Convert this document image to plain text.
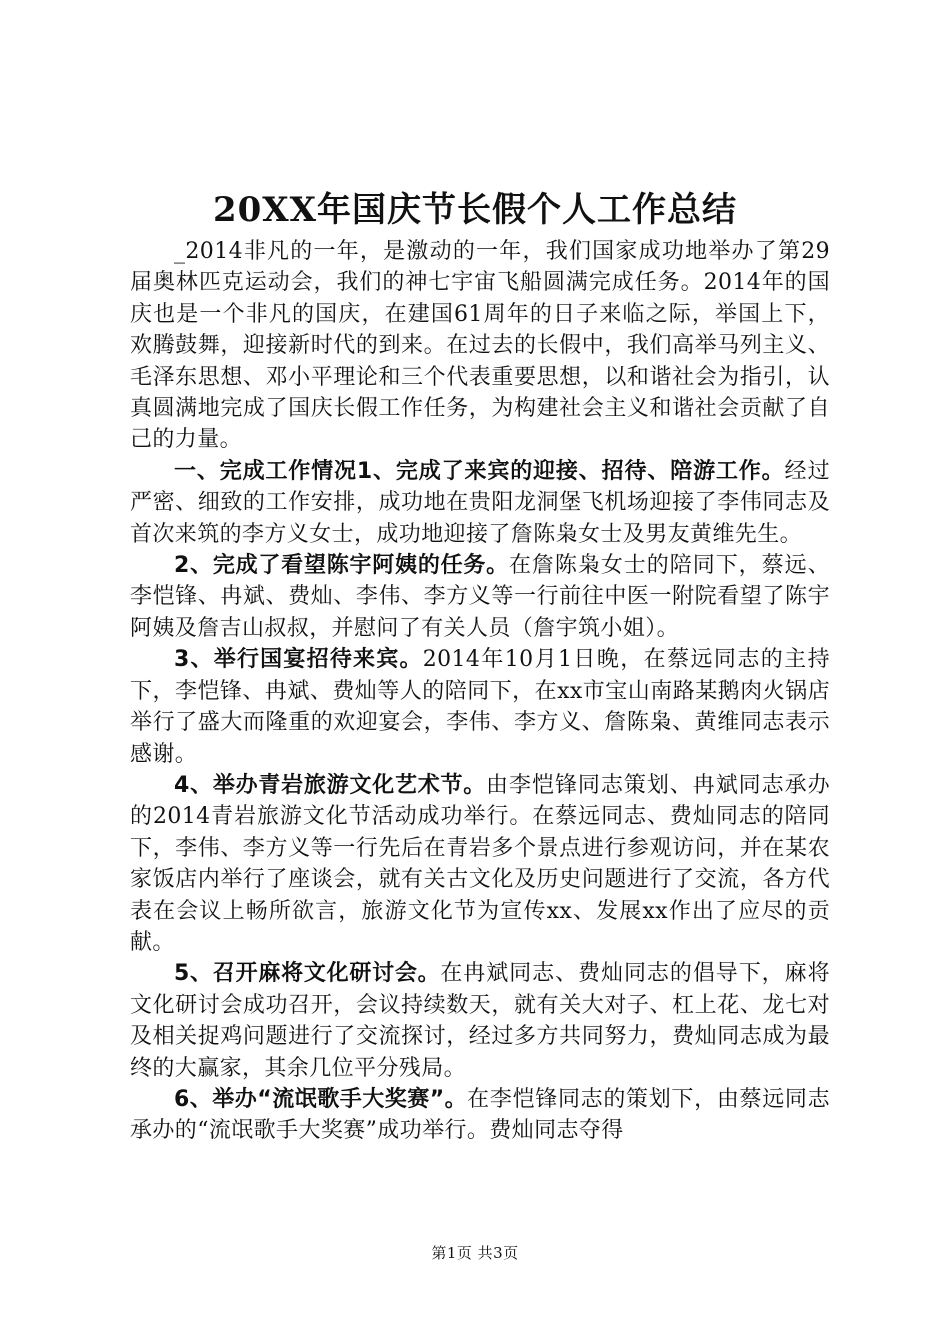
20XX年国庆节长假个人工作总结

_2014非凡的一年，是激动的一年，我们国家成功地举办了第29届奥林匹克运动会，我们的神七宇宙飞船圆满完成任务。2014年的国庆也是一个非凡的国庆，在建国61周年的日子来临之际，举国上下，欢腾鼓舞，迎接新时代的到来。在过去的长假中，我们高举马列主义、毛泽东思想、邓小平理论和三个代表重要思想，以和谐社会为指引，认真圆满地完成了国庆长假工作任务，为构建社会主义和谐社会贡献了自己的力量。

一、完成工作情况1、完成了来宾的迎接、招待、陪游工作。经过严密、细致的工作安排，成功地在贵阳龙洞堡飞机场迎接了李伟同志及首次来筑的李方义女士，成功地迎接了詹陈枭女士及男友黄维先生。

2、完成了看望陈宇阿姨的任务。在詹陈枭女士的陪同下，蔡远、李恺锋、冉斌、费灿、李伟、李方义等一行前往中医一附院看望了陈宇阿姨及詹吉山叔叔，并慰问了有关人员（詹宇筑小姐）。

3、举行国宴招待来宾。2014年10月1日晚，在蔡远同志的主持下，李恺锋、冉斌、费灿等人的陪同下，在xx市宝山南路某鹅肉火锅店举行了盛大而隆重的欢迎宴会，李伟、李方义、詹陈枭、黄维同志表示感谢。

4、举办青岩旅游文化艺术节。由李恺锋同志策划、冉斌同志承办的2014青岩旅游文化节活动成功举行。在蔡远同志、费灿同志的陪同下，李伟、李方义等一行先后在青岩多个景点进行参观访问，并在某农家饭店内举行了座谈会，就有关古文化及历史问题进行了交流，各方代表在会议上畅所欲言，旅游文化节为宣传xx、发展xx作出了应尽的贡献。

5、召开麻将文化研讨会。在冉斌同志、费灿同志的倡导下，麻将文化研讨会成功召开，会议持续数天，就有关大对子、杠上花、龙七对及相关捉鸡问题进行了交流探讨，经过多方共同努力，费灿同志成为最终的大赢家，其余几位平分残局。

6、举办“流氓歌手大奖赛”。在李恺锋同志的策划下，由蔡远同志承办的“流氓歌手大奖赛”成功举行。费灿同志夺得

第1页 共3页
